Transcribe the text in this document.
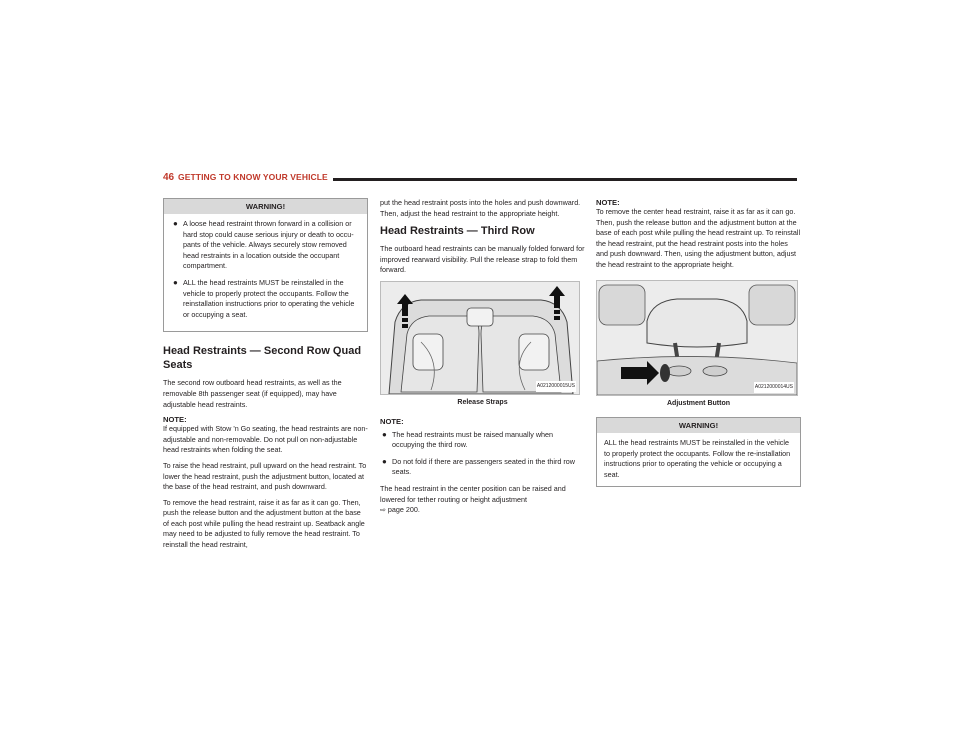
46 GETTING TO KNOW YOUR VEHICLE
WARNING!
● A loose head restraint thrown forward in a collision or hard stop could cause serious injury or death to occu-pants of the vehicle. Always securely stow removed head restraints in a location outside the occupant compartment.
● ALL the head restraints MUST be reinstalled in the vehicle to properly protect the occupants. Follow the reinstallation instructions prior to operating the vehicle or occupying a seat.
Head Restraints — Second Row Quad Seats

The second row outboard head restraints, as well as the removable 8th passenger seat (if equipped), may have adjustable head restraints.

NOTE:

If equipped with Stow 'n Go seating, the head restraints are non-adjustable and non-removable. Do not pull on non-adjustable head restraints when folding the seat.

To raise the head restraint, pull upward on the head restraint. To lower the head restraint, push the adjustment button, located at the base of the head restraint, and push downward.

To remove the head restraint, raise it as far as it can go. Then, push the release button and the adjustment button at the base of each post while pulling the head restraint up. Seatback angle may need to be adjusted to fully remove the head restraint. To reinstall the head restraint,

put the head restraint posts into the holes and push downward. Then, adjust the head restraint to the appropriate height.

Head Restraints — Third Row

The outboard head restraints can be manually folded forward for improved rearward visibility. Pull the release strap to fold them forward.

A0212000015US
Release Straps
NOTE:
● The head restraints must be raised manually when occupying the third row.
● Do not fold if there are passengers seated in the third row seats.

The head restraint in the center position can be raised and lowered for tether routing or height adjustment
⇨ page 200.

NOTE:

To remove the center head restraint, raise it as far as it can go. Then, push the release button and the adjustment button at the base of each post while pulling the head restraint up. To reinstall the head restraint, put the head restraint posts into the holes and push downward. Then, using the adjustment button, adjust the head restraint to the appropriate height.

A0212000014US
Adjustment Button
WARNING!
ALL the head restraints MUST be reinstalled in the vehicle to properly protect the occupants. Follow the re-installation instructions prior to operating the vehicle or occupying a seat.
